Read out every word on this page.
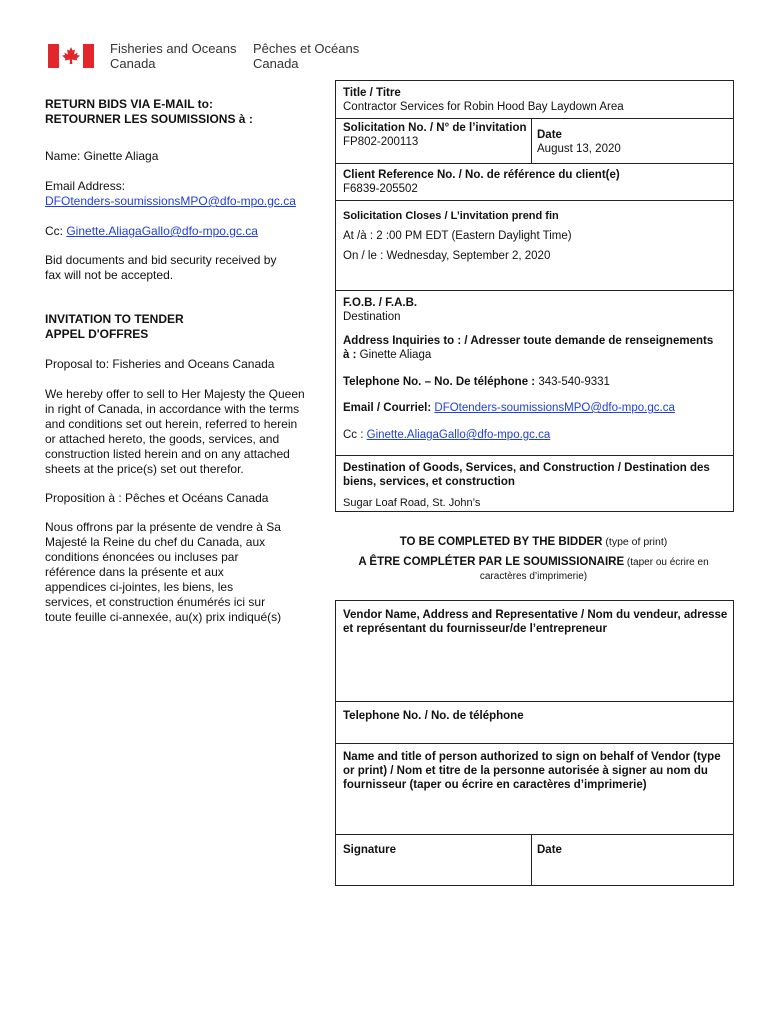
Fisheries and Oceans
Canada
Pêches et Océans
Canada
RETURN BIDS VIA E-MAIL to:
RETOURNER LES SOUMISSIONS à :
Name: Ginette Aliaga
Email Address:
DFOtenders-soumissionsMPO@dfo-mpo.gc.ca
Cc: Ginette.AliagaGallo@dfo-mpo.gc.ca
Bid documents and bid security received by
fax will not be accepted.
INVITATION TO TENDER
APPEL D'OFFRES
Proposal to: Fisheries and Oceans Canada
We hereby offer to sell to Her Majesty the Queen
in right of Canada, in accordance with the terms
and conditions set out herein, referred to herein
or attached hereto, the goods, services, and
construction listed herein and on any attached
sheets at the price(s) set out therefor.
Proposition à : Pêches et Océans Canada
Nous offrons par la présente de vendre à Sa
Majesté la Reine du chef du Canada, aux
conditions énoncées ou incluses par
référence dans la présente et aux
appendices ci-jointes, les biens, les
services, et construction énumérés ici sur
toute feuille ci-annexée, au(x) prix indiqué(s)
Title / Titre
Contractor Services for Robin Hood Bay Laydown Area
Solicitation No. / N° de l’invitation
FP802-200113
Date
August 13, 2020
Client Reference No. / No. de référence du client(e)
F6839-205502
Solicitation Closes / L’invitation prend fin
At /à : 2 :00 PM EDT (Eastern Daylight Time)
On / le : Wednesday, September 2, 2020
F.O.B. / F.A.B.
Destination
Address Inquiries to : / Adresser toute demande de renseignements
à : Ginette Aliaga
Telephone No. – No. De téléphone : 343-540-9331
Email / Courriel: DFOtenders-soumissionsMPO@dfo-mpo.gc.ca
Cc : Ginette.AliagaGallo@dfo-mpo.gc.ca
Destination of Goods, Services, and Construction / Destination des
biens, services, et construction
Sugar Loaf Road, St. John’s
TO BE COMPLETED BY THE BIDDER (type of print)
A ÊTRE COMPLÉTER PAR LE SOUMISSIONAIRE (taper ou écrire en
caractères d’imprimerie)
Vendor Name, Address and Representative / Nom du vendeur, adresse
et représentant du fournisseur/de l’entrepreneur
Telephone No. / No. de téléphone
Name and title of person authorized to sign on behalf of Vendor (type
or print) / Nom et titre de la personne autorisée à signer au nom du
fournisseur (taper ou écrire en caractères d’imprimerie)
Signature	Date
